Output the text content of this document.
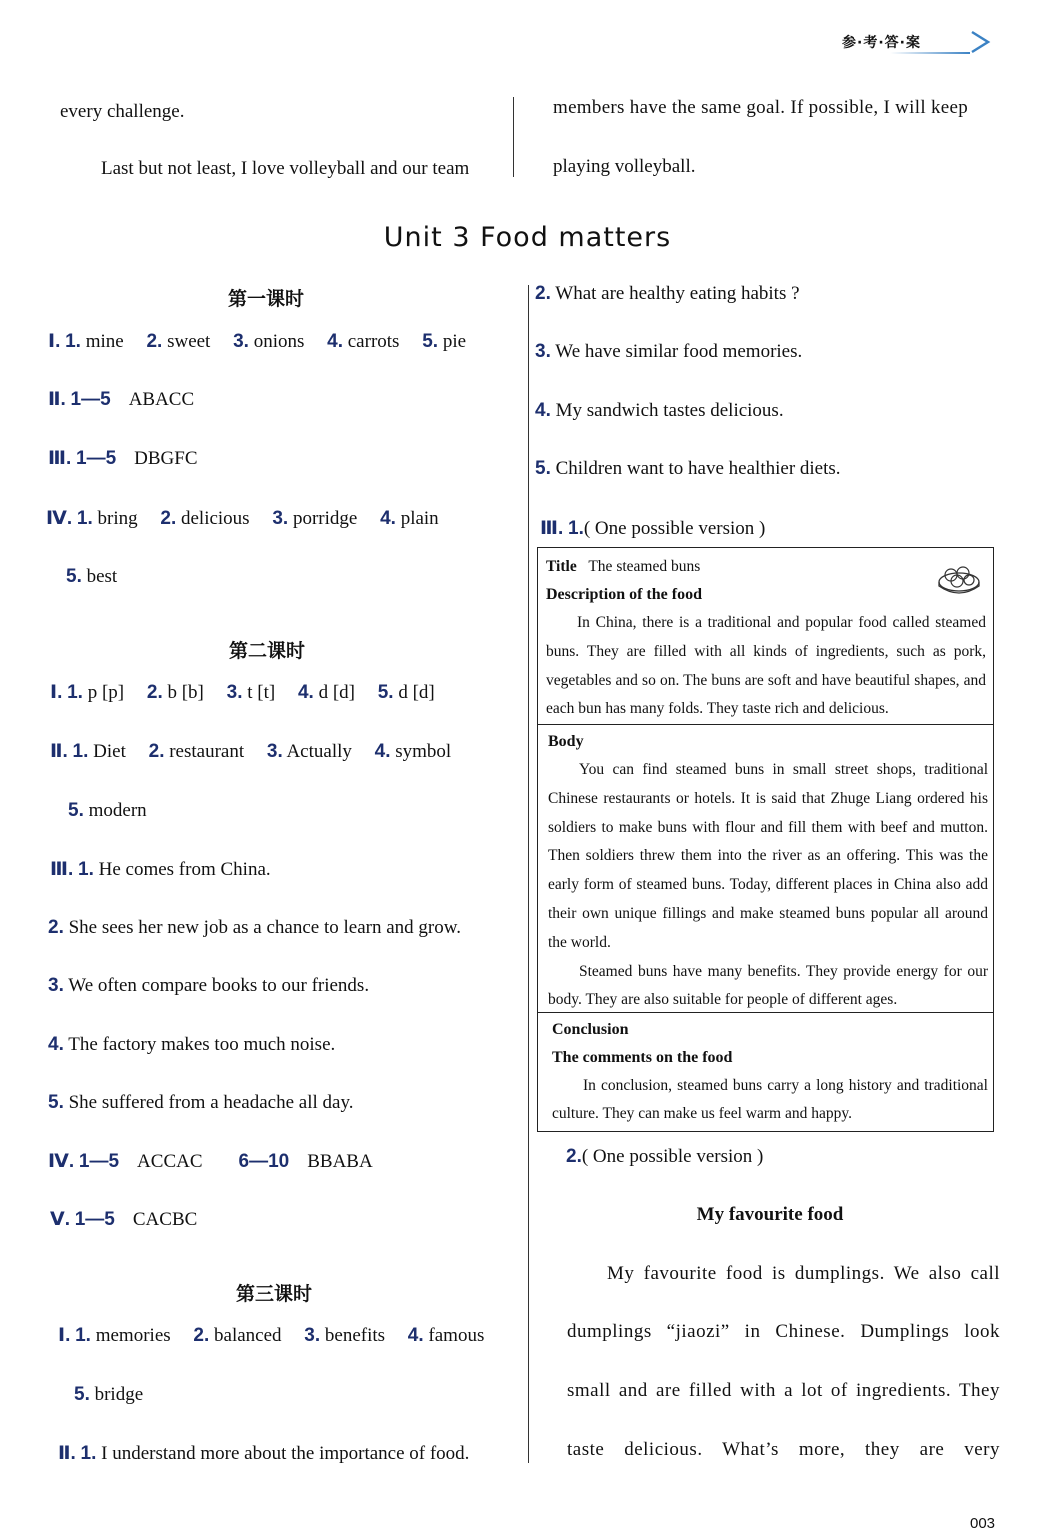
参·考·答·案
every challenge.
Last but not least, I love volleyball and our team
members have the same goal. If possible, I will keep
playing volleyball.
Unit 3 Food matters
第一课时
Ⅰ. 1. mine 2. sweet 3. onions 4. carrots 5. pie
Ⅱ. 1—5 ABACC
Ⅲ. 1—5 DBGFC
Ⅳ. 1. bring 2. delicious 3. porridge 4. plain
5. best
第二课时
Ⅰ. 1. p [p] 2. b [b] 3. t [t] 4. d [d] 5. d [d]
Ⅱ. 1. Diet 2. restaurant 3. Actually 4. symbol
5. modern
Ⅲ. 1. He comes from China.
2. She sees her new job as a chance to learn and grow.
3. We often compare books to our friends.
4. The factory makes too much noise.
5. She suffered from a headache all day.
Ⅳ. 1—5 ACCAC 6—10 BBABA
Ⅴ. 1—5 CACBC
第三课时
Ⅰ. 1. memories 2. balanced 3. benefits 4. famous
5. bridge
Ⅱ. 1. I understand more about the importance of food.
2. What are healthy eating habits ?
3. We have similar food memories.
4. My sandwich tastes delicious.
5. Children want to have healthier diets.
Ⅲ. 1.( One possible version )
Title The steamed buns
Description of the food
In China, there is a traditional and popular food called steamed buns. They are filled with all kinds of ingredients, such as pork, vegetables and so on. The buns are soft and have beautiful shapes, and each bun has many folds. They taste rich and delicious.
Body
You can find steamed buns in small street shops, traditional Chinese restaurants or hotels. It is said that Zhuge Liang ordered his soldiers to make buns with flour and fill them with beef and mutton. Then soldiers threw them into the river as an offering. This was the early form of steamed buns. Today, different places in China also add their own unique fillings and make steamed buns popular all around the world.
Steamed buns have many benefits. They provide energy for our body. They are also suitable for people of different ages.
Conclusion
The comments on the food
In conclusion, steamed buns carry a long history and traditional culture. They can make us feel warm and happy.
2.( One possible version )
My favourite food
My favourite food is dumplings. We also call
dumplings “jiaozi” in Chinese. Dumplings look
small and are filled with a lot of ingredients. They
taste delicious. What’s more, they are very
003
